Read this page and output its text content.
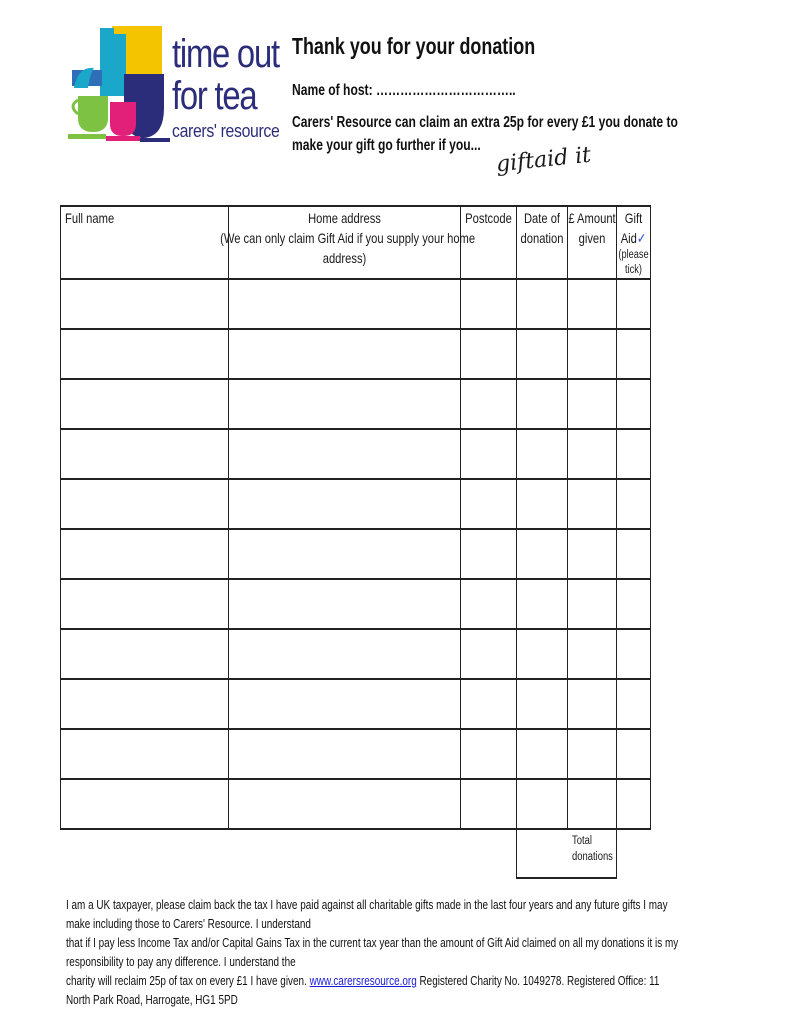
time out
for tea
carers' resource
Thank you for your donation
Name of host: ……………………………..
Carers' Resource can claim an extra 25p for every £1 you donate to
make your gift go further if you... giftaid it
Full name	Home address
(We can only claim Gift Aid if you supply your home
address)
Postcode Date of
donation
£ Amount
given
Gift
Aid✓
(please
tick)
Total
donations
I am a UK taxpayer, please claim back the tax I have paid against all charitable gifts made in the last four years and any future gifts I may make including those to Carers' Resource. I understand
that if I pay less Income Tax and/or Capital Gains Tax in the current tax year than the amount of Gift Aid claimed on all my donations it is my responsibility to pay any difference. I understand the
charity will reclaim 25p of tax on every £1 I have given. www.carersresource.org Registered Charity No. 1049278. Registered Office: 11 North Park Road, Harrogate, HG1 5PD
